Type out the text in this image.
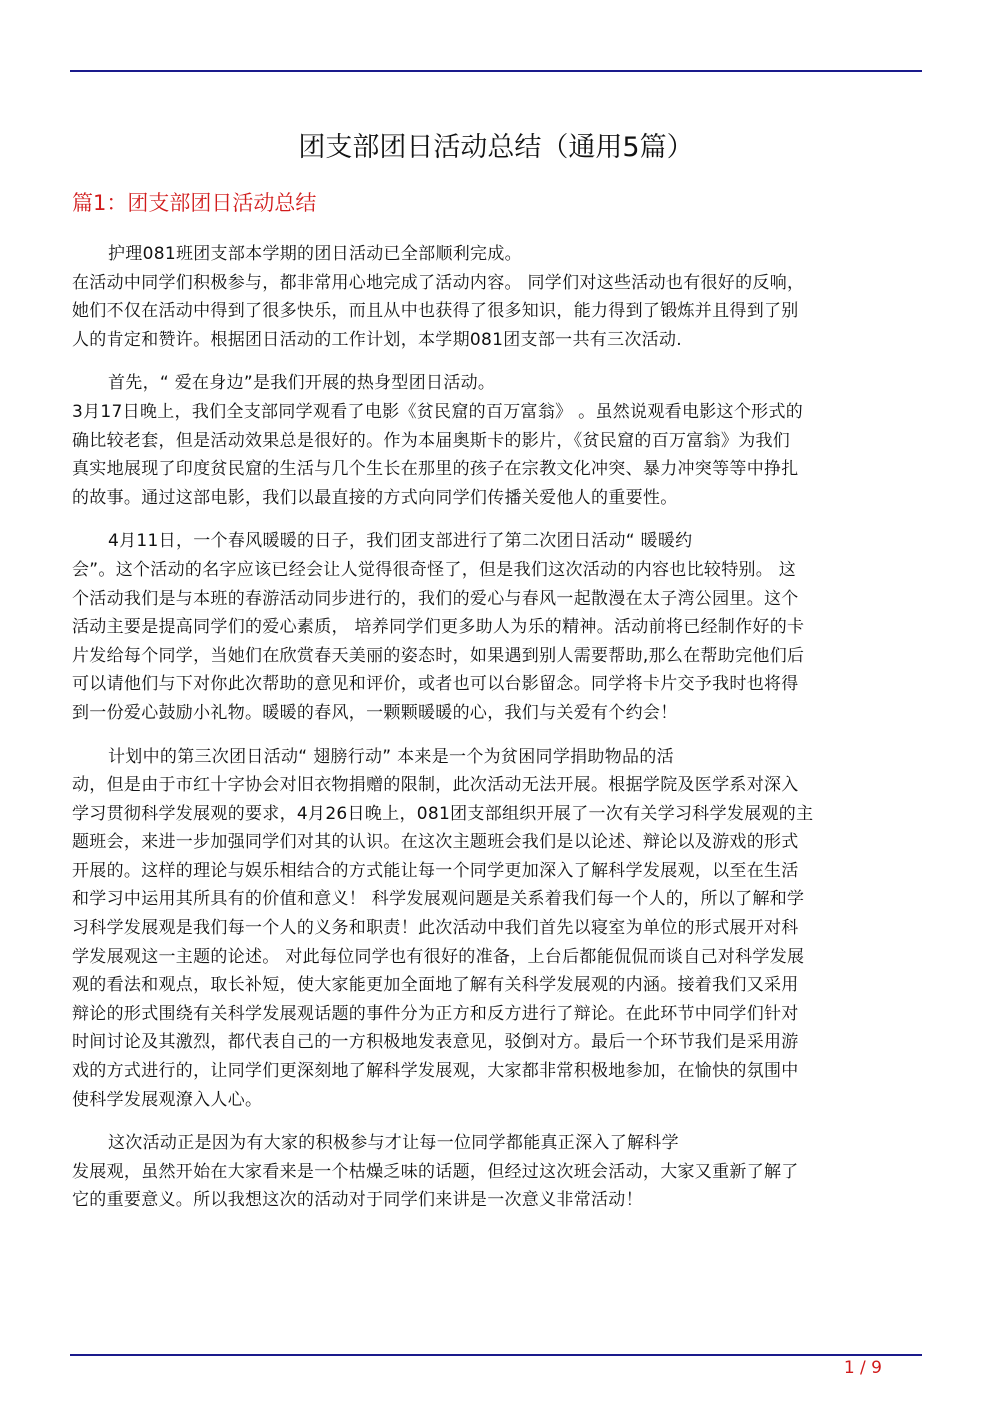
团支部团日活动总结（通用5篇）
篇1：团支部团日活动总结
护理081班团支部本学期的团日活动已全部顺利完成。
在活动中同学们积极参与，都非常用心地完成了活动内容。 同学们对这些活动也有很好的反响，
她们不仅在活动中得到了很多快乐，而且从中也获得了很多知识，能力得到了锻炼并且得到了别
人的肯定和赞许。根据团日活动的工作计划，本学期081团支部一共有三次活动.
首先，“ 爱在身边”是我们开展的热身型团日活动。
3月17日晚上，我们全支部同学观看了电影《贫民窟的百万富翁》 。虽然说观看电影这个形式的
确比较老套，但是活动效果总是很好的。作为本届奥斯卡的影片，《贫民窟的百万富翁》为我们
真实地展现了印度贫民窟的生活与几个生长在那里的孩子在宗教文化冲突、暴力冲突等等中挣扎
的故事。通过这部电影，我们以最直接的方式向同学们传播关爱他人的重要性。
4月11日，一个春风暖暖的日子，我们团支部进行了第二次团日活动“ 暖暖约
会”。这个活动的名字应该已经会让人觉得很奇怪了，但是我们这次活动的内容也比较特别。 这
个活动我们是与本班的春游活动同步进行的，我们的爱心与春风一起散漫在太子湾公园里。这个
活动主要是提高同学们的爱心素质， 培养同学们更多助人为乐的精神。活动前将已经制作好的卡
片发给每个同学，当她们在欣赏春天美丽的姿态时，如果遇到别人需要帮助,那么在帮助完他们后
可以请他们与下对你此次帮助的意见和评价，或者也可以台影留念。同学将卡片交予我时也将得
到一份爱心鼓励小礼物。暖暖的春风，一颗颗暖暖的心，我们与关爱有个约会！
计划中的第三次团日活动“ 翅膀行动” 本来是一个为贫困同学捐助物品的活
动，但是由于市红十字协会对旧衣物捐赠的限制，此次活动无法开展。根据学院及医学系对深入
学习贯彻科学发展观的要求，4月26日晚上，081团支部组织开展了一次有关学习科学发展观的主
题班会，来进一步加强同学们对其的认识。在这次主题班会我们是以论述、辩论以及游戏的形式
开展的。这样的理论与娱乐相结合的方式能让每一个同学更加深入了解科学发展观，以至在生活
和学习中运用其所具有的价值和意义！ 科学发展观问题是关系着我们每一个人的，所以了解和学
习科学发展观是我们每一个人的义务和职责！此次活动中我们首先以寝室为单位的形式展开对科
学发展观这一主题的论述。 对此每位同学也有很好的准备，上台后都能侃侃而谈自己对科学发展
观的看法和观点，取长补短，使大家能更加全面地了解有关科学发展观的内涵。接着我们又采用
辩论的形式围绕有关科学发展观话题的事件分为正方和反方进行了辩论。在此环节中同学们针对
时间讨论及其激烈，都代表自己的一方积极地发表意见，驳倒对方。最后一个环节我们是采用游
戏的方式进行的，让同学们更深刻地了解科学发展观，大家都非常积极地参加，在愉快的氛围中
使科学发展观潦入人心。
这次活动正是因为有大家的积极参与才让每一位同学都能真正深入了解科学
发展观，虽然开始在大家看来是一个枯燥乏味的话题，但经过这次班会活动，大家又重新了解了
它的重要意义。所以我想这次的活动对于同学们来讲是一次意义非常活动！
1 / 9
